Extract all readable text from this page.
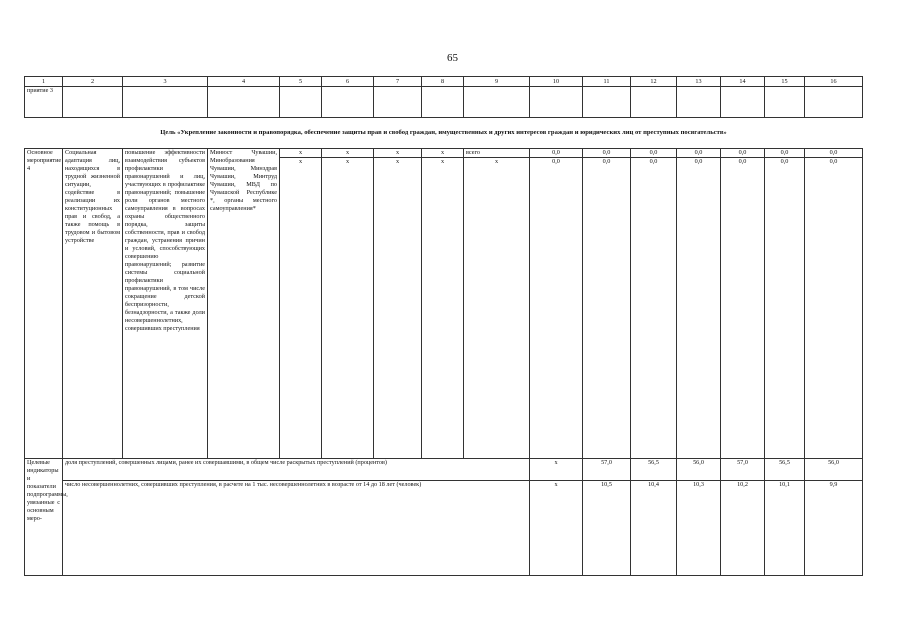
65
1	2	3	4	5	6	7	8	9	10	11	12	13	14	15	16	
приятие 3																
Цель «Укрепление законности и правопорядка, обеспечение защиты прав и свобод граждан, имущественных и других интересов граждан и юридических лиц от преступных посягательств»																
Основное мероприятие 4	Социальная адаптация лиц, находящихся в трудной жизненной ситуации, содействие в реализации их конституционных прав и свобод, а также помощь в трудовом и бытовом устройстве	повышение эффективности взаимодействия субъектов профилактики правонарушений и лиц, участвующих в профилактике правонарушений; повышение роли органов местного самоуправления в вопросах охраны общественного порядка, защиты собственности, прав и свобод граждан, устранения причин и условий, способствующих совершению правонарушений; развитие системы социальной профилактики правонарушений, в том числе сокращение детской беспризорности, безнадзорности, а также доли несовершеннолетних, совершивших преступления	Минюст Чувашии, Минобразования Чувашии, Минздрав Чувашии, Минтруд Чувашии, МВД по Чувашской Республике *, органы местного самоуправления*	x	x	x	x	всего	0,0	0,0	0,0	0,0	0,0	0,0	0,0	
				x	x	x	x	x	0,0	0,0	0,0	0,0	0,0	0,0	0,0	
Целевые индикаторы и показатели подпрограммы, увязанные с основным меро-	доля преступлений, совершенных лицами, ранее их совершавшими, в общем числе раскрытых преступлений (процентов)								x	57,0	56,5	56,0	57,0	56,5	56,0	
	число несовершеннолетних, совершивших преступления, в расчете на 1 тыс. несовершеннолетних в возрасте от 14 до 18 лет (человек)								x	10,5	10,4	10,3	10,2	10,1	9,9	
